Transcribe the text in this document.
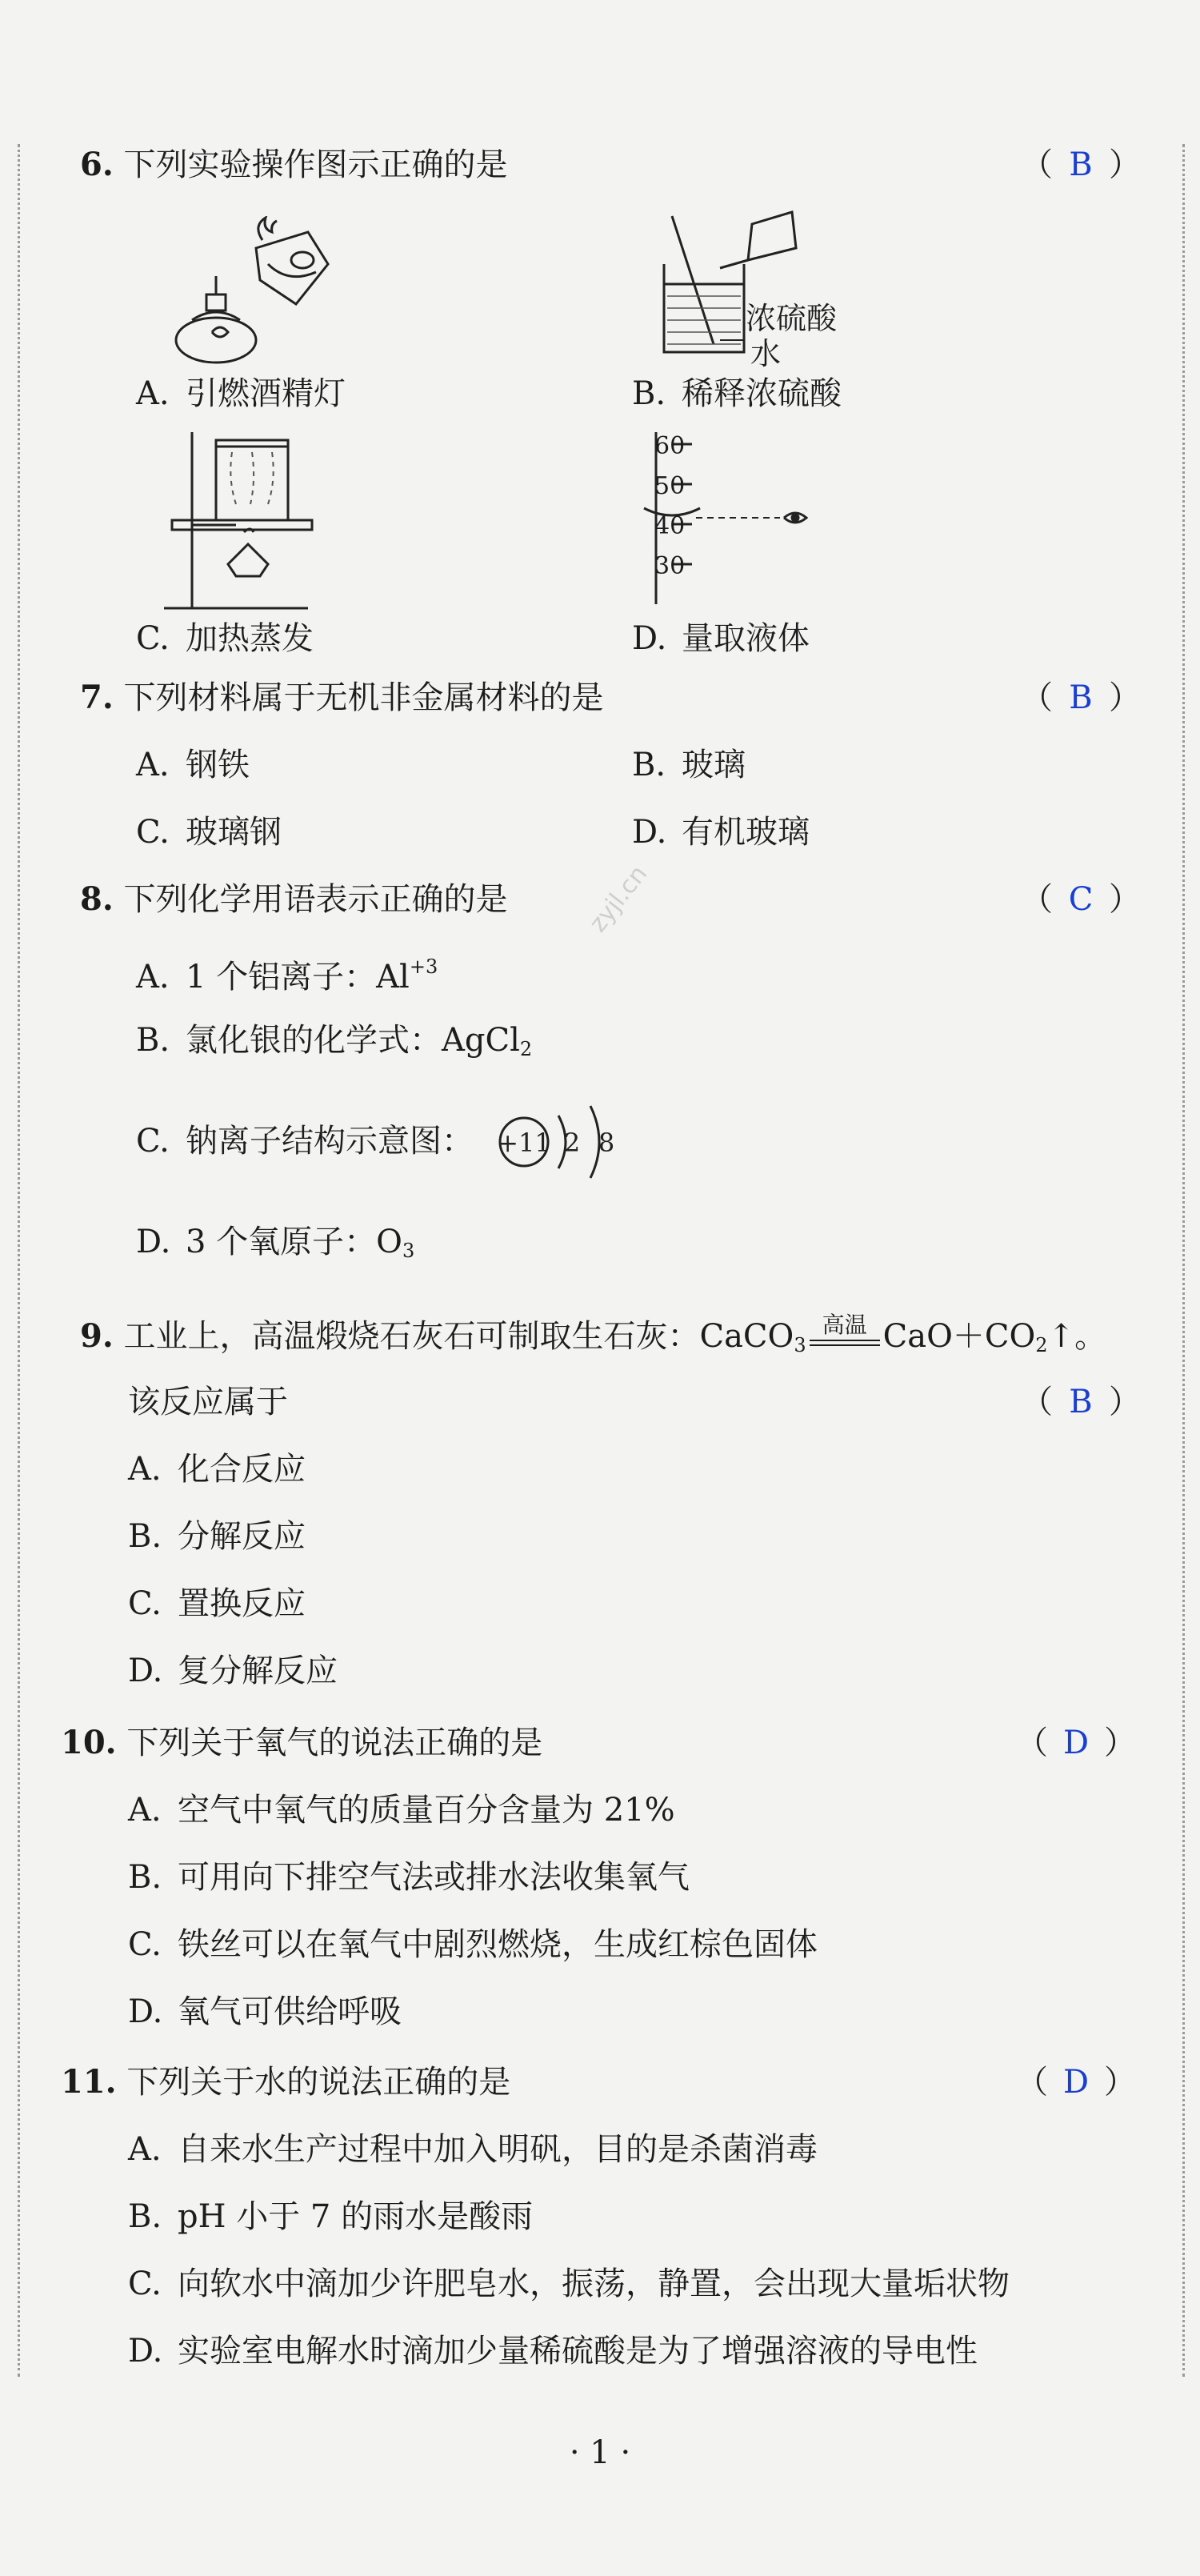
6. 下列实验操作图示正确的是	（ B ）
浓硫酸
水
A. 引燃酒精灯	B. 稀释浓硫酸
60
50
40
30
C. 加热蒸发	D. 量取液体
7. 下列材料属于无机非金属材料的是	（ B ）
A. 钢铁	B. 玻璃
C. 玻璃钢	D. 有机玻璃
8. 下列化学用语表示正确的是	（ C ）
zyjl.cn
A. 1 个铝离子：$Al^{+3}$
B. 氯化银的化学式：AgCl$_2$
C. 钠离子结构示意图： +11 2 8
D. 3 个氧原子：$O_3$
9. 工业上，高温煅烧石灰石可制取生石灰：CaCO$_3$
高温 $CaO+CO_2↑$。
该反应属于	（ B ）
A. 化合反应
B. 分解反应
C. 置换反应
D. 复分解反应
10. 下列关于氧气的说法正确的是	（ D ）
A. 空气中氧气的质量百分含量为 21%
B. 可用向下排空气法或排水法收集氧气
C. 铁丝可以在氧气中剧烈燃烧，生成红棕色固体
D. 氧气可供给呼吸
11. 下列关于水的说法正确的是	（ D ）
A. 自来水生产过程中加入明矾，目的是杀菌消毒
B. pH 小于 7 的雨水是酸雨
C. 向软水中滴加少许肥皂水，振荡，静置，会出现大量垢状物
D. 实验室电解水时滴加少量稀硫酸是为了增强溶液的导电性
· 1 ·
